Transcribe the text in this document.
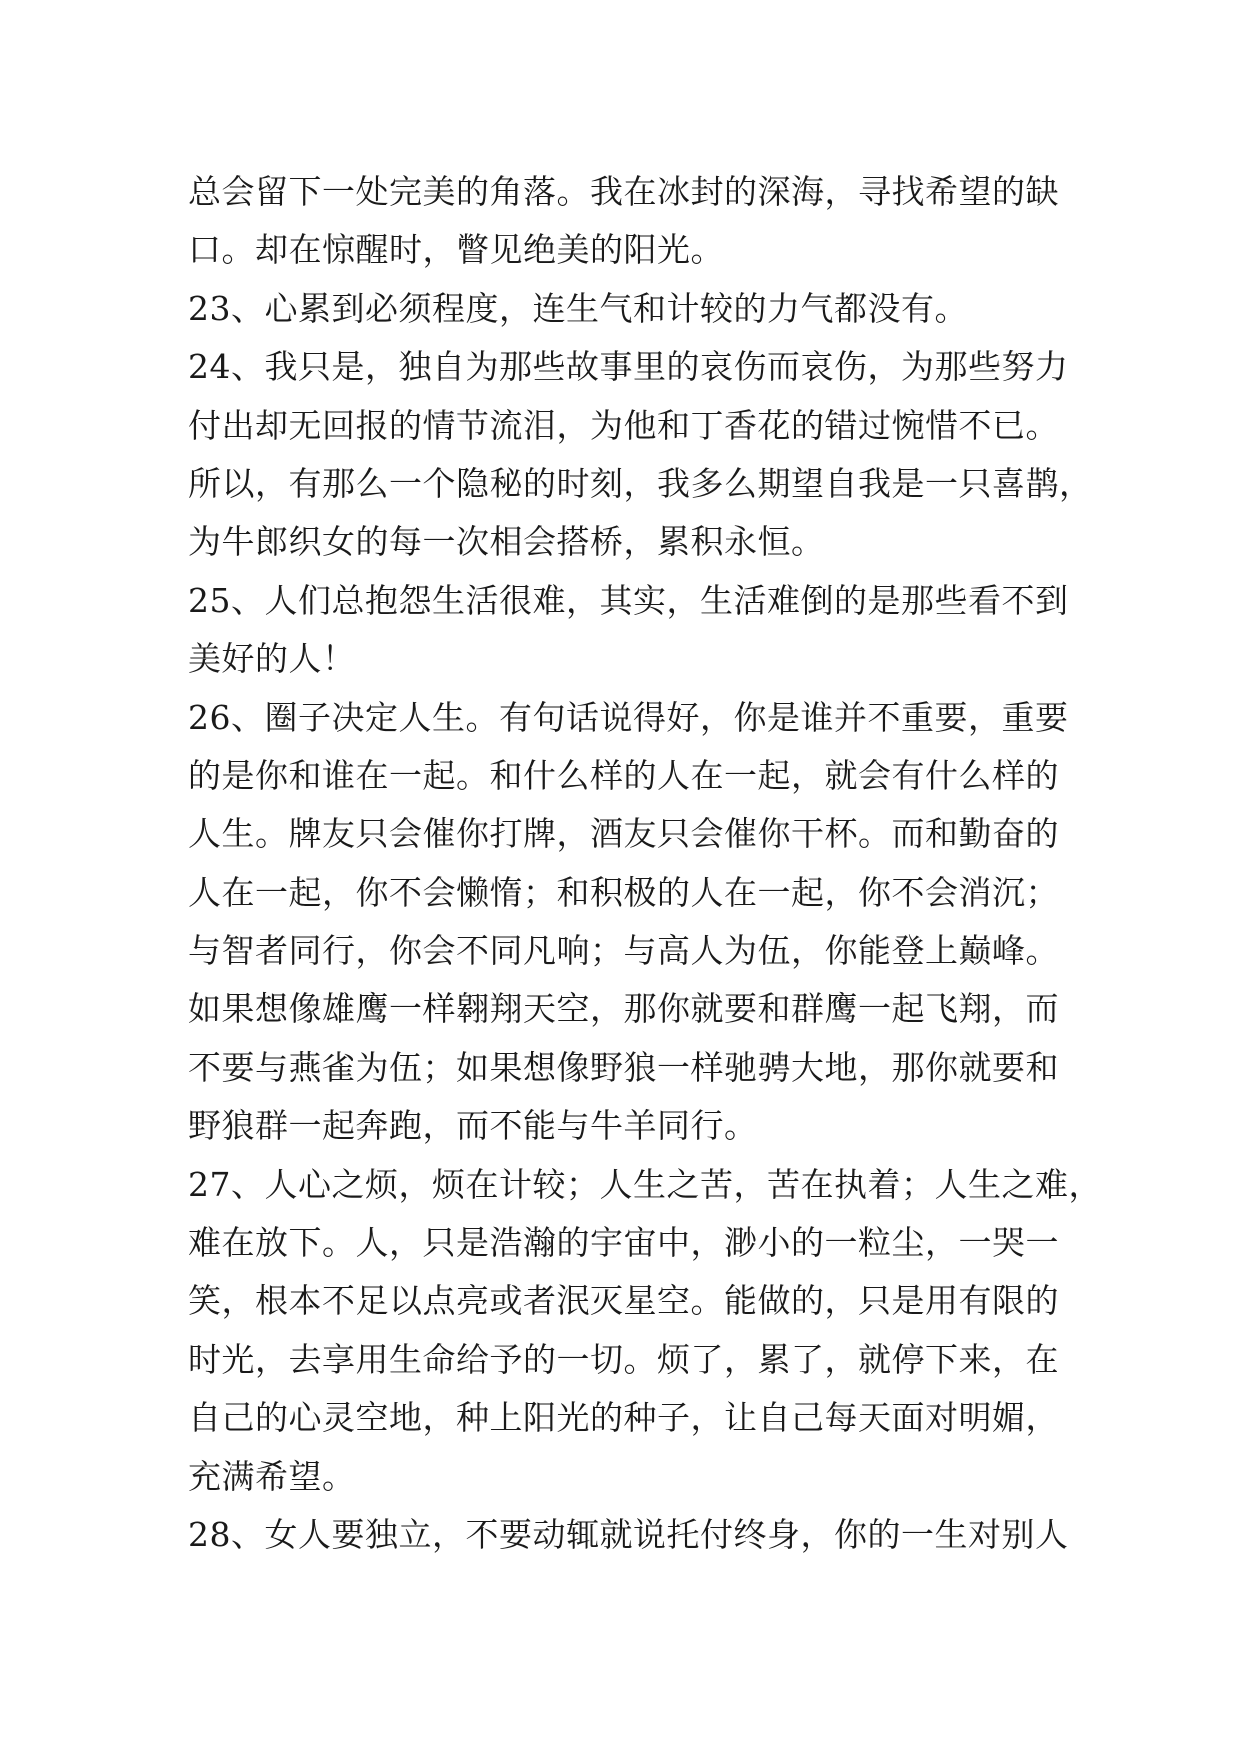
总会留下一处完美的角落。我在冰封的深海，寻找希望的缺
口。却在惊醒时，瞥见绝美的阳光。
23、心累到必须程度，连生气和计较的力气都没有。
24、我只是，独自为那些故事里的哀伤而哀伤，为那些努力
付出却无回报的情节流泪，为他和丁香花的错过惋惜不已。
所以，有那么一个隐秘的时刻，我多么期望自我是一只喜鹊，
为牛郎织女的每一次相会搭桥，累积永恒。
25、人们总抱怨生活很难，其实，生活难倒的是那些看不到
美好的人！
26、圈子决定人生。有句话说得好，你是谁并不重要，重要
的是你和谁在一起。和什么样的人在一起，就会有什么样的
人生。牌友只会催你打牌，酒友只会催你干杯。而和勤奋的
人在一起，你不会懒惰；和积极的人在一起，你不会消沉；
与智者同行，你会不同凡响；与高人为伍，你能登上巅峰。
如果想像雄鹰一样翱翔天空，那你就要和群鹰一起飞翔，而
不要与燕雀为伍；如果想像野狼一样驰骋大地，那你就要和
野狼群一起奔跑，而不能与牛羊同行。
27、人心之烦，烦在计较；人生之苦，苦在执着；人生之难，
难在放下。人，只是浩瀚的宇宙中，渺小的一粒尘，一哭一
笑，根本不足以点亮或者泯灭星空。能做的，只是用有限的
时光，去享用生命给予的一切。烦了，累了，就停下来，在
自己的心灵空地，种上阳光的种子，让自己每天面对明媚，
充满希望。
28、女人要独立，不要动辄就说托付终身，你的一生对别人
